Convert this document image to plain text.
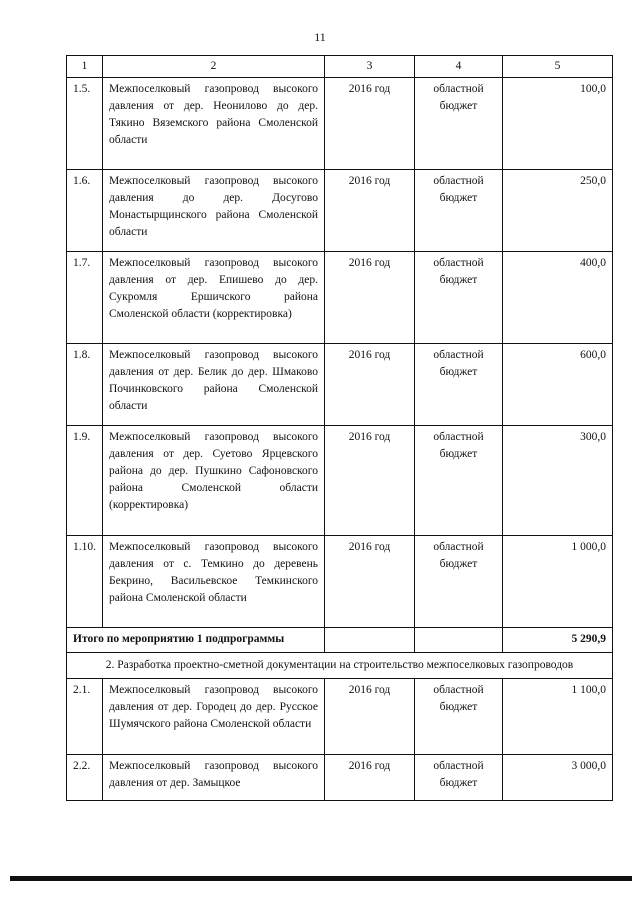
11
1	2	3	4	5
1.5.	Межпоселковый газопровод высокого давления от дер. Неонилово до дер. Тякино Вяземского района Смоленской области	2016 год	областной бюджет	100,0
1.6.	Межпоселковый газопровод высокого давления до дер. Досугово Монастырщинского района Смоленской области	2016 год	областной бюджет	250,0
1.7.	Межпоселковый газопровод высокого давления от дер. Епишево до дер. Сукромля Ершичского района Смоленской области (корректировка)	2016 год	областной бюджет	400,0
1.8.	Межпоселковый газопровод высокого давления от дер. Белик до дер. Шмаково Починковского района Смоленской области	2016 год	областной бюджет	600,0
1.9.	Межпоселковый газопровод высокого давления от дер. Суетово Ярцевского района до дер. Пушкино Сафоновского района Смоленской области (корректировка)	2016 год	областной бюджет	300,0
1.10.	Межпоселковый газопровод высокого давления от с. Темкино до деревень Бекрино, Васильевское Темкинского района Смоленской области	2016 год	областной бюджет	1 000,0
Итого по мероприятию 1 подпрограммы				5 290,9
2. Разработка проектно-сметной документации на строительство межпоселковых газопроводов				
2.1.	Межпоселковый газопровод высокого давления от дер. Городец до дер. Русское Шумячского района Смоленской области	2016 год	областной бюджет	1 100,0
2.2.	Межпоселковый газопровод высокого давления от дер. Замыцкое	2016 год	областной бюджет	3 000,0
